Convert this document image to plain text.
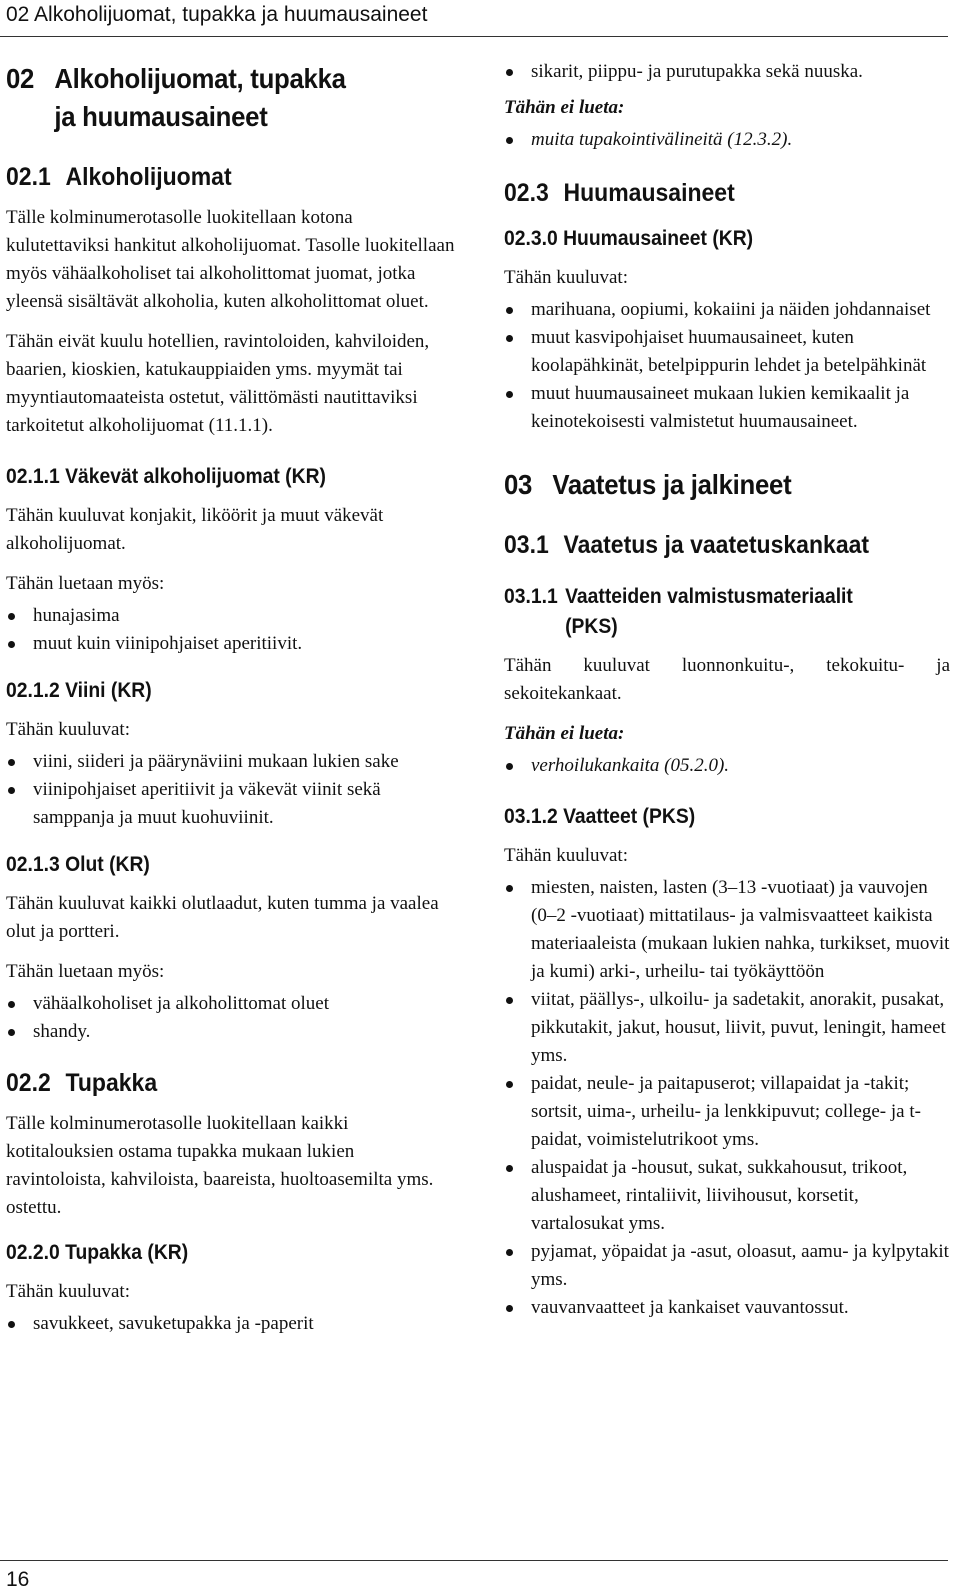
02 Alkoholijuomat, tupakka ja huumausaineet
02 Alkoholijuomat, tupakka ja huumausaineet
02.1 Alkoholijuomat

Tälle kolminumerotasolle luokitellaan kotona kulutettaviksi hankitut alkoholijuomat. Tasolle luokitellaan myös vähäalkoholiset tai alkoholittomat juomat, jotka yleensä sisältävät alkoholia, kuten alkoholittomat oluet.

Tähän eivät kuulu hotellien, ravintoloiden, kahviloiden, baarien, kioskien, katukauppiaiden yms. myymät tai myyntiautomaateista ostetut, välittömästi nautittaviksi tarkoitetut alkoholijuomat (11.1.1).

02.1.1 Väkevät alkoholijuomat (KR)

Tähän kuuluvat konjakit, liköörit ja muut väkevät alkoholijuomat.

Tähän luetaan myös:

hunajasima
muut kuin viinipohjaiset aperitiivit.
02.1.2 Viini (KR)

Tähän kuuluvat:

viini, siideri ja päärynäviini mukaan lukien sake
viinipohjaiset aperitiivit ja väkevät viinit sekä samppanja ja muut kuohuviinit.
02.1.3 Olut (KR)

Tähän kuuluvat kaikki olutlaadut, kuten tumma ja vaalea olut ja portteri.

Tähän luetaan myös:

vähäalkoholiset ja alkoholittomat oluet
shandy.
02.2 Tupakka

Tälle kolminumerotasolle luokitellaan kaikki kotitalouksien ostama tupakka mukaan lukien ravintoloista, kahviloista, baareista, huoltoasemilta yms. ostettu.

02.2.0 Tupakka (KR)

Tähän kuuluvat:

savukkeet, savuketupakka ja -paperit
sikarit, piippu- ja purutupakka sekä nuuska.

Tähän ei lueta:

muita tupakointivälineitä (12.3.2).
02.3 Huumausaineet
02.3.0 Huumausaineet (KR)

Tähän kuuluvat:

marihuana, oopiumi, kokaiini ja näiden johdannaiset
muut kasvipohjaiset huumausaineet, kuten koolapähkinät, betelpippurin lehdet ja betelpähkinät
muut huumausaineet mukaan lukien kemikaalit ja keinotekoisesti valmistetut huumausaineet.
03 Vaatetus ja jalkineet
03.1 Vaatetus ja vaatetuskankaat
03.1.1 Vaatteiden valmistusmateriaalit (PKS)

Tähän kuuluvat luonnonkuitu-, tekokuitu- ja sekoitekankaat.

Tähän ei lueta:

verhoilukankaita (05.2.0).
03.1.2 Vaatteet (PKS)

Tähän kuuluvat:

miesten, naisten, lasten (3–13 -vuotiaat) ja vauvojen (0–2 -vuotiaat) mittatilaus- ja valmisvaatteet kaikista materiaaleista (mukaan lukien nahka, turkikset, muovit ja kumi) arki-, urheilu- tai työkäyttöön
viitat, päällys-, ulkoilu- ja sadetakit, anorakit, pusakat, pikkutakit, jakut, housut, liivit, puvut, leningit, hameet yms.
paidat, neule- ja paitapuserot; villapaidat ja -takit; sortsit, uima-, urheilu- ja lenkkipuvut; college- ja t-paidat, voimistelutrikoot yms.
aluspaidat ja -housut, sukat, sukkahousut, trikoot, alushameet, rintaliivit, liivihousut, korsetit, vartalosukat yms.
pyjamat, yöpaidat ja -asut, oloasut, aamu- ja kylpytakit yms.
vauvanvaatteet ja kankaiset vauvantossut.
16
